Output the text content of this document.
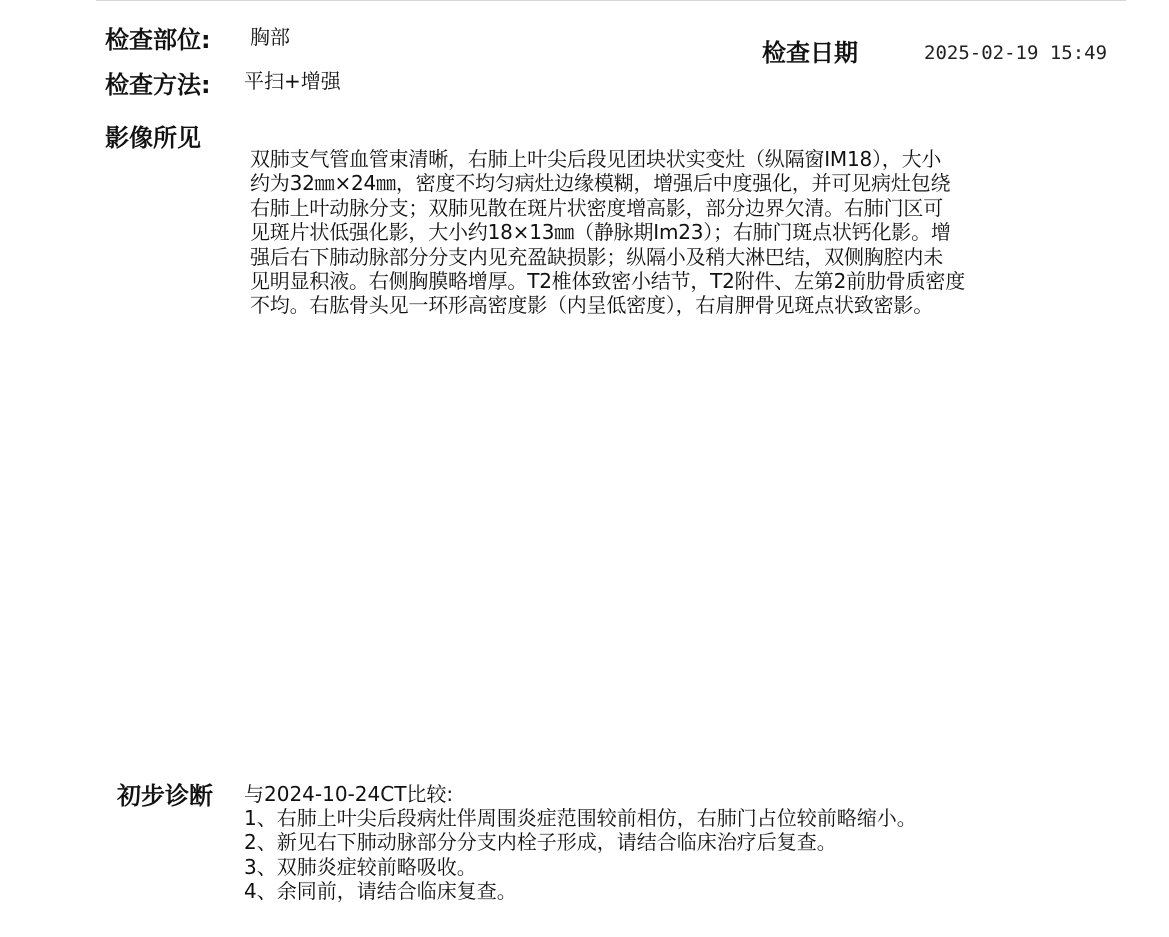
检查部位: 胸部
检查方法: 平扫+增强
检查日期	2025-02-19 15:49
影像所见
双肺支气管血管束清晰，右肺上叶尖后段见团块状实变灶（纵隔窗IM18），大小
约为32㎜×24㎜，密度不均匀病灶边缘模糊，增强后中度强化，并可见病灶包绕
右肺上叶动脉分支；双肺见散在斑片状密度增高影，部分边界欠清。右肺门区可
见斑片状低强化影，大小约18×13㎜（静脉期Im23）；右肺门斑点状钙化影。增
强后右下肺动脉部分分支内见充盈缺损影；纵隔小及稍大淋巴结，双侧胸腔内未
见明显积液。右侧胸膜略增厚。T2椎体致密小结节，T2附件、左第2前肋骨质密度
不均。右肱骨头见一环形高密度影（内呈低密度），右肩胛骨见斑点状致密影。
初步诊断 与2024-10-24CT比较:
1、右肺上叶尖后段病灶伴周围炎症范围较前相仿，右肺门占位较前略缩小。
2、新见右下肺动脉部分分支内栓子形成，请结合临床治疗后复查。
3、双肺炎症较前略吸收。
4、余同前，请结合临床复查。
